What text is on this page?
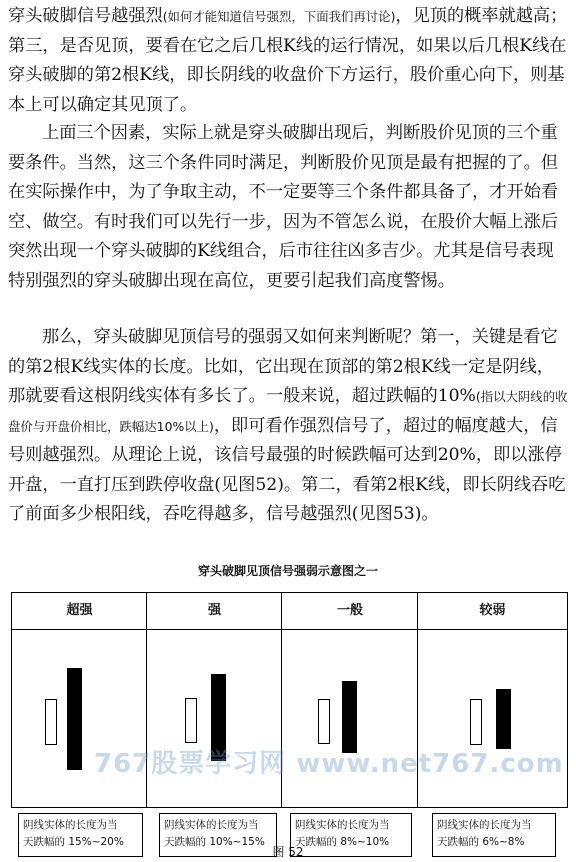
穿头破脚信号越强烈(如何才能知道信号强烈，下面我们再讨论)，见顶的概率就越高；第三，是否见顶，要看在它之后几根K线的运行情况，如果以后几根K线在穿头破脚的第2根K线，即长阴线的收盘价下方运行，股价重心向下，则基本上可以确定其见顶了。

上面三个因素，实际上就是穿头破脚出现后，判断股价见顶的三个重要条件。当然，这三个条件同时满足，判断股价见顶是最有把握的了。但在实际操作中，为了争取主动，不一定要等三个条件都具备了，才开始看空、做空。有时我们可以先行一步，因为不管怎么说，在股价大幅上涨后突然出现一个穿头破脚的K线组合，后市往往凶多吉少。尤其是信号表现特别强烈的穿头破脚出现在高位，更要引起我们高度警惕。

那么，穿头破脚见顶信号的强弱又如何来判断呢？第一，关键是看它的第2根K线实体的长度。比如，它出现在顶部的第2根K线一定是阴线，那就要看这根阴线实体有多长了。一般来说，超过跌幅的10%(指以大阴线的收盘价与开盘价相比，跌幅达10%以上)，即可看作强烈信号了，超过的幅度越大，信号则越强烈。从理论上说，该信号最强的时候跌幅可达到20%，即以涨停开盘，一直打压到跌停收盘(见图52)。第二，看第2根K线，即长阴线吞吃了前面多少根阳线，吞吃得越多，信号越强烈(见图53)。

穿头破脚见顶信号强弱示意图之一
超强
阴线实体的长度为当
天跌幅的 15%~20%
强
阴线实体的长度为当
天跌幅的 10%~15%
一般
阴线实体的长度为当
天跌幅的 8%~10%
较弱
阴线实体的长度为当
天跌幅的 6%~8%
767股票学习网 www.net767.com
图 52
